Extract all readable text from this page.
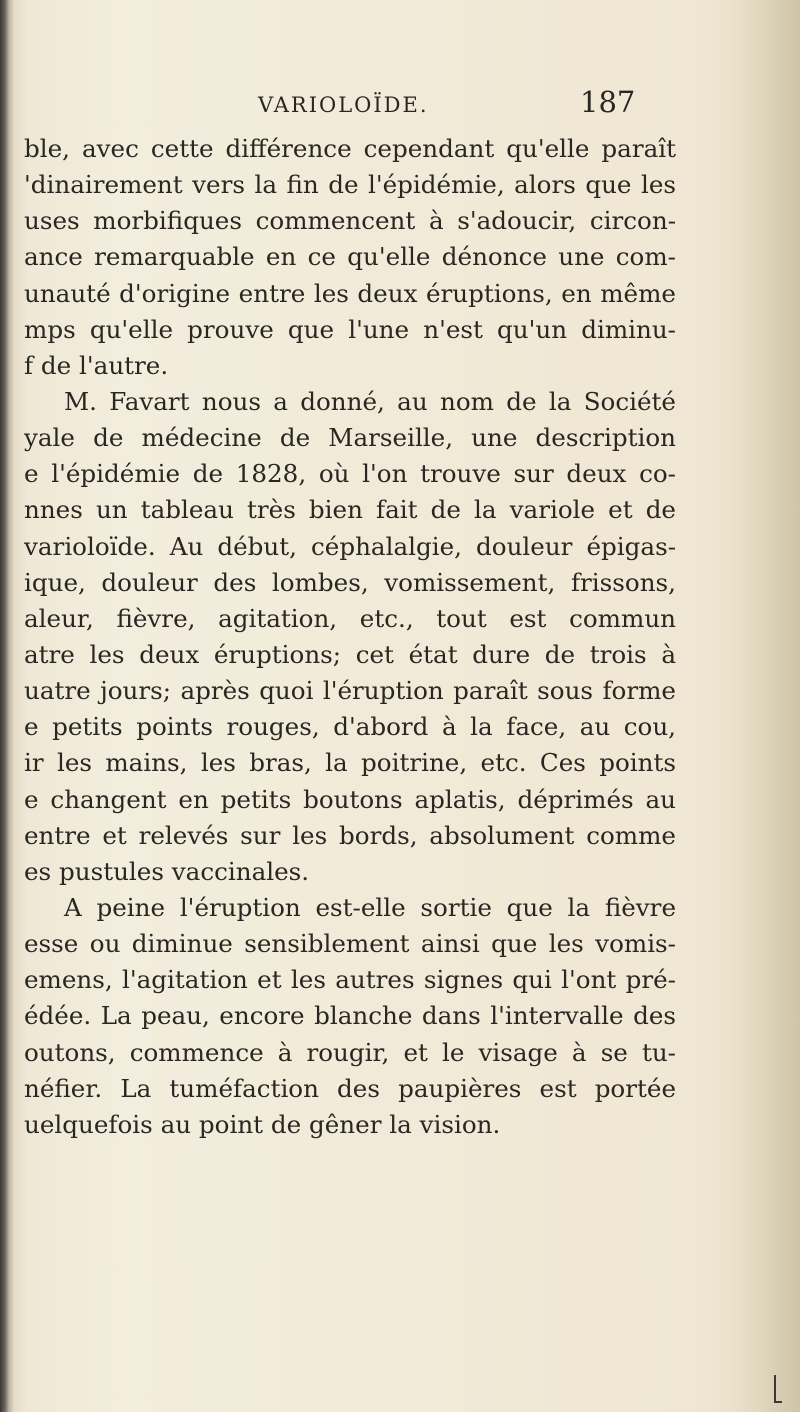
VARIOLOÏDE.	187
ble, avec cette différence cependant qu'elle paraît
'dinairement vers la fin de l'épidémie, alors que les
uses morbifiques commencent à s'adoucir, circon-
ance remarquable en ce qu'elle dénonce une com-
unauté d'origine entre les deux éruptions, en même
mps qu'elle prouve que l'une n'est qu'un diminu-
f de l'autre.
M. Favart nous a donné, au nom de la Société
yale de médecine de Marseille, une description
e l'épidémie de 1828, où l'on trouve sur deux co-
nnes un tableau très bien fait de la variole et de
varioloïde. Au début, céphalalgie, douleur épigas-
ique, douleur des lombes, vomissement, frissons,
aleur, fièvre, agitation, etc., tout est commun
atre les deux éruptions; cet état dure de trois à
uatre jours; après quoi l'éruption paraît sous forme
e petits points rouges, d'abord à la face, au cou,
ir les mains, les bras, la poitrine, etc. Ces points
e changent en petits boutons aplatis, déprimés au
entre et relevés sur les bords, absolument comme
es pustules vaccinales.
A peine l'éruption est-elle sortie que la fièvre
esse ou diminue sensiblement ainsi que les vomis-
emens, l'agitation et les autres signes qui l'ont pré-
édée. La peau, encore blanche dans l'intervalle des
outons, commence à rougir, et le visage à se tu-
néfier. La tuméfaction des paupières est portée
uelquefois au point de gêner la vision.
